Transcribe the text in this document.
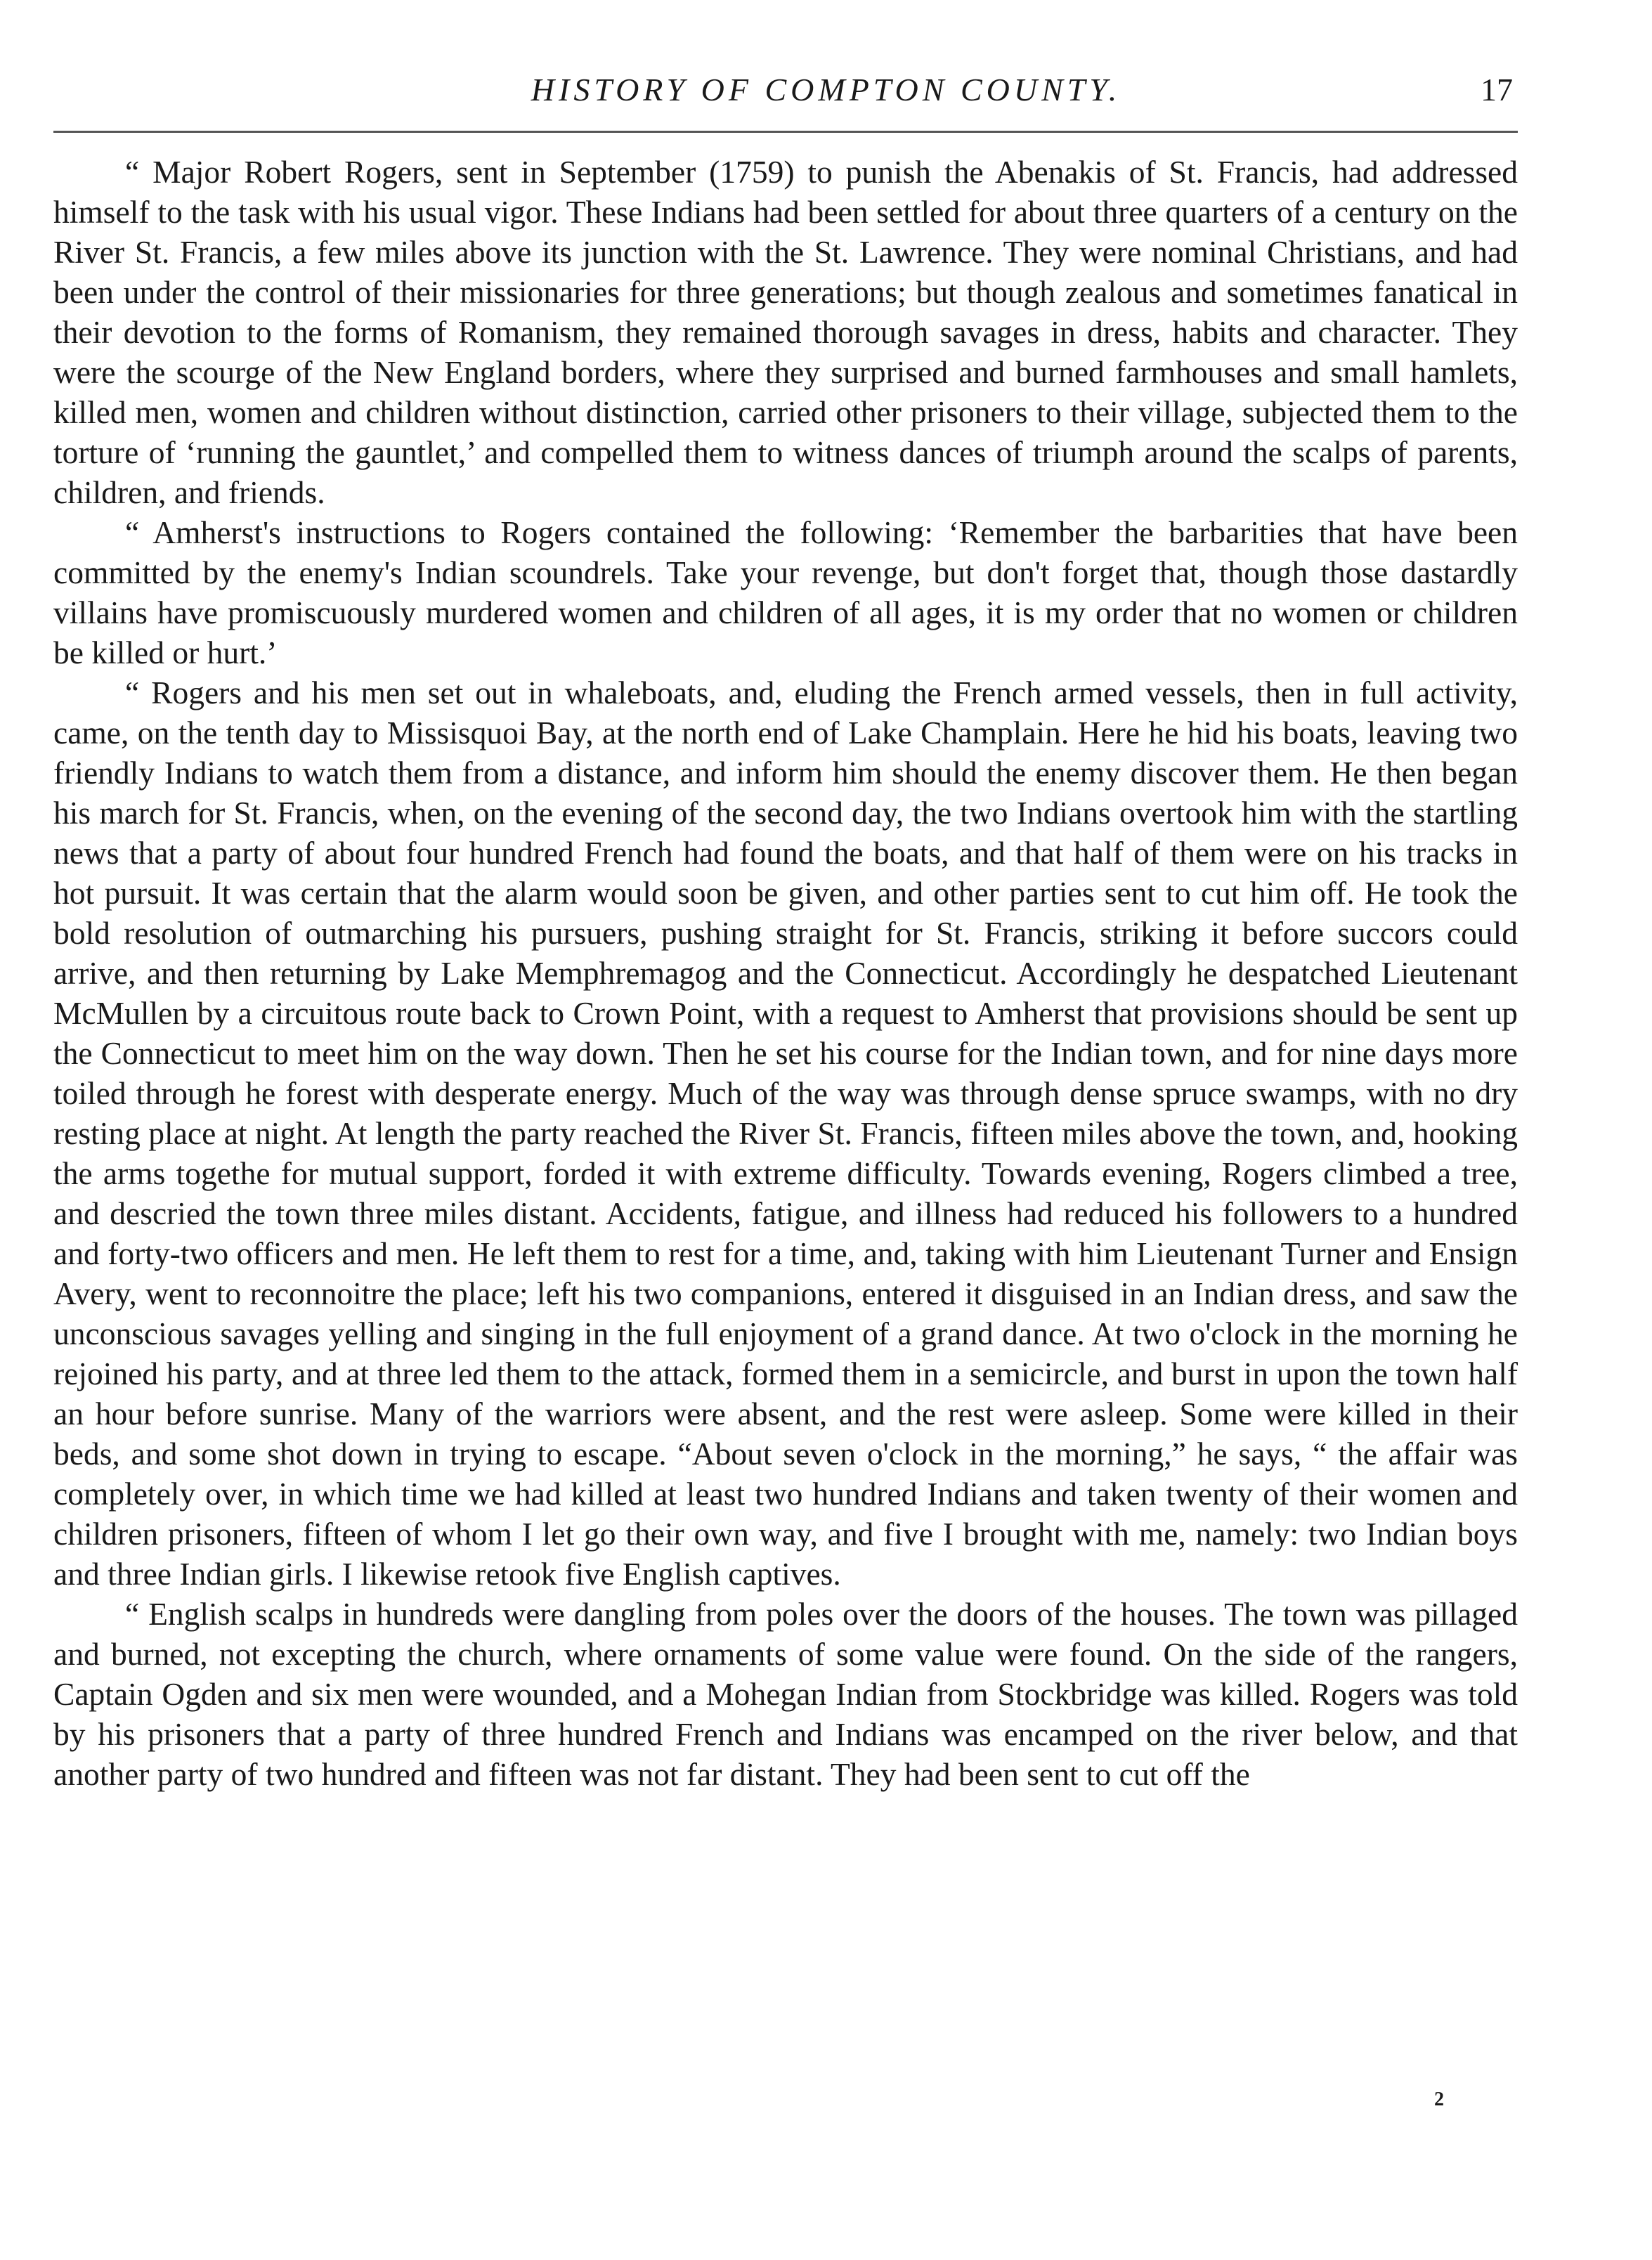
HISTORY OF COMPTON COUNTY.	17

“ Major Robert Rogers, sent in September (1759) to punish the Abenakis of St. Francis, had addressed himself to the task with his usual vigor. These Indians had been settled for about three quarters of a century on the River St. Francis, a few miles above its junction with the St. Lawrence. They were nominal Christians, and had been under the control of their missionaries for three generations; but though zealous and sometimes fanatical in their devotion to the forms of Romanism, they remained thorough savages in dress, habits and character. They were the scourge of the New England borders, where they surprised and burned farmhouses and small hamlets, killed men, women and children without distinction, carried other prisoners to their village, subjected them to the torture of ‘running the gauntlet,’ and compelled them to witness dances of triumph around the scalps of parents, children, and friends.

“ Amherst's instructions to Rogers contained the following: ‘Remember the barbarities that have been committed by the enemy's Indian scoundrels. Take your revenge, but don't forget that, though those dastardly villains have promiscuously murdered women and children of all ages, it is my order that no women or children be killed or hurt.’

“ Rogers and his men set out in whaleboats, and, eluding the French armed vessels, then in full activity, came, on the tenth day to Missisquoi Bay, at the north end of Lake Champlain. Here he hid his boats, leaving two friendly Indians to watch them from a distance, and inform him should the enemy discover them. He then began his march for St. Francis, when, on the evening of the second day, the two Indians overtook him with the startling news that a party of about four hundred French had found the boats, and that half of them were on his tracks in hot pursuit. It was certain that the alarm would soon be given, and other parties sent to cut him off. He took the bold resolution of outmarching his pursuers, pushing straight for St. Francis, striking it before succors could arrive, and then returning by Lake Memphremagog and the Connecticut. Accordingly he despatched Lieutenant McMullen by a circuitous route back to Crown Point, with a request to Amherst that provisions should be sent up the Connecticut to meet him on the way down. Then he set his course for the Indian town, and for nine days more toiled through he forest with desperate energy. Much of the way was through dense spruce swamps, with no dry resting place at night. At length the party reached the River St. Francis, fifteen miles above the town, and, hooking the arms togethe for mutual support, forded it with extreme difficulty. Towards evening, Rogers climbed a tree, and descried the town three miles distant. Accidents, fatigue, and illness had reduced his followers to a hundred and forty-two officers and men. He left them to rest for a time, and, taking with him Lieutenant Turner and Ensign Avery, went to reconnoitre the place; left his two companions, entered it disguised in an Indian dress, and saw the unconscious savages yelling and singing in the full enjoyment of a grand dance. At two o'clock in the morning he rejoined his party, and at three led them to the attack, formed them in a semicircle, and burst in upon the town half an hour before sunrise. Many of the warriors were absent, and the rest were asleep. Some were killed in their beds, and some shot down in trying to escape. “About seven o'clock in the morning,” he says, “ the affair was completely over, in which time we had killed at least two hundred Indians and taken twenty of their women and children prisoners, fifteen of whom I let go their own way, and five I brought with me, namely: two Indian boys and three Indian girls. I likewise retook five English captives.

“ English scalps in hundreds were dangling from poles over the doors of the houses. The town was pillaged and burned, not excepting the church, where ornaments of some value were found. On the side of the rangers, Captain Ogden and six men were wounded, and a Mohegan Indian from Stockbridge was killed. Rogers was told by his prisoners that a party of three hundred French and Indians was encamped on the river below, and that another party of two hundred and fifteen was not far distant. They had been sent to cut off the

2
